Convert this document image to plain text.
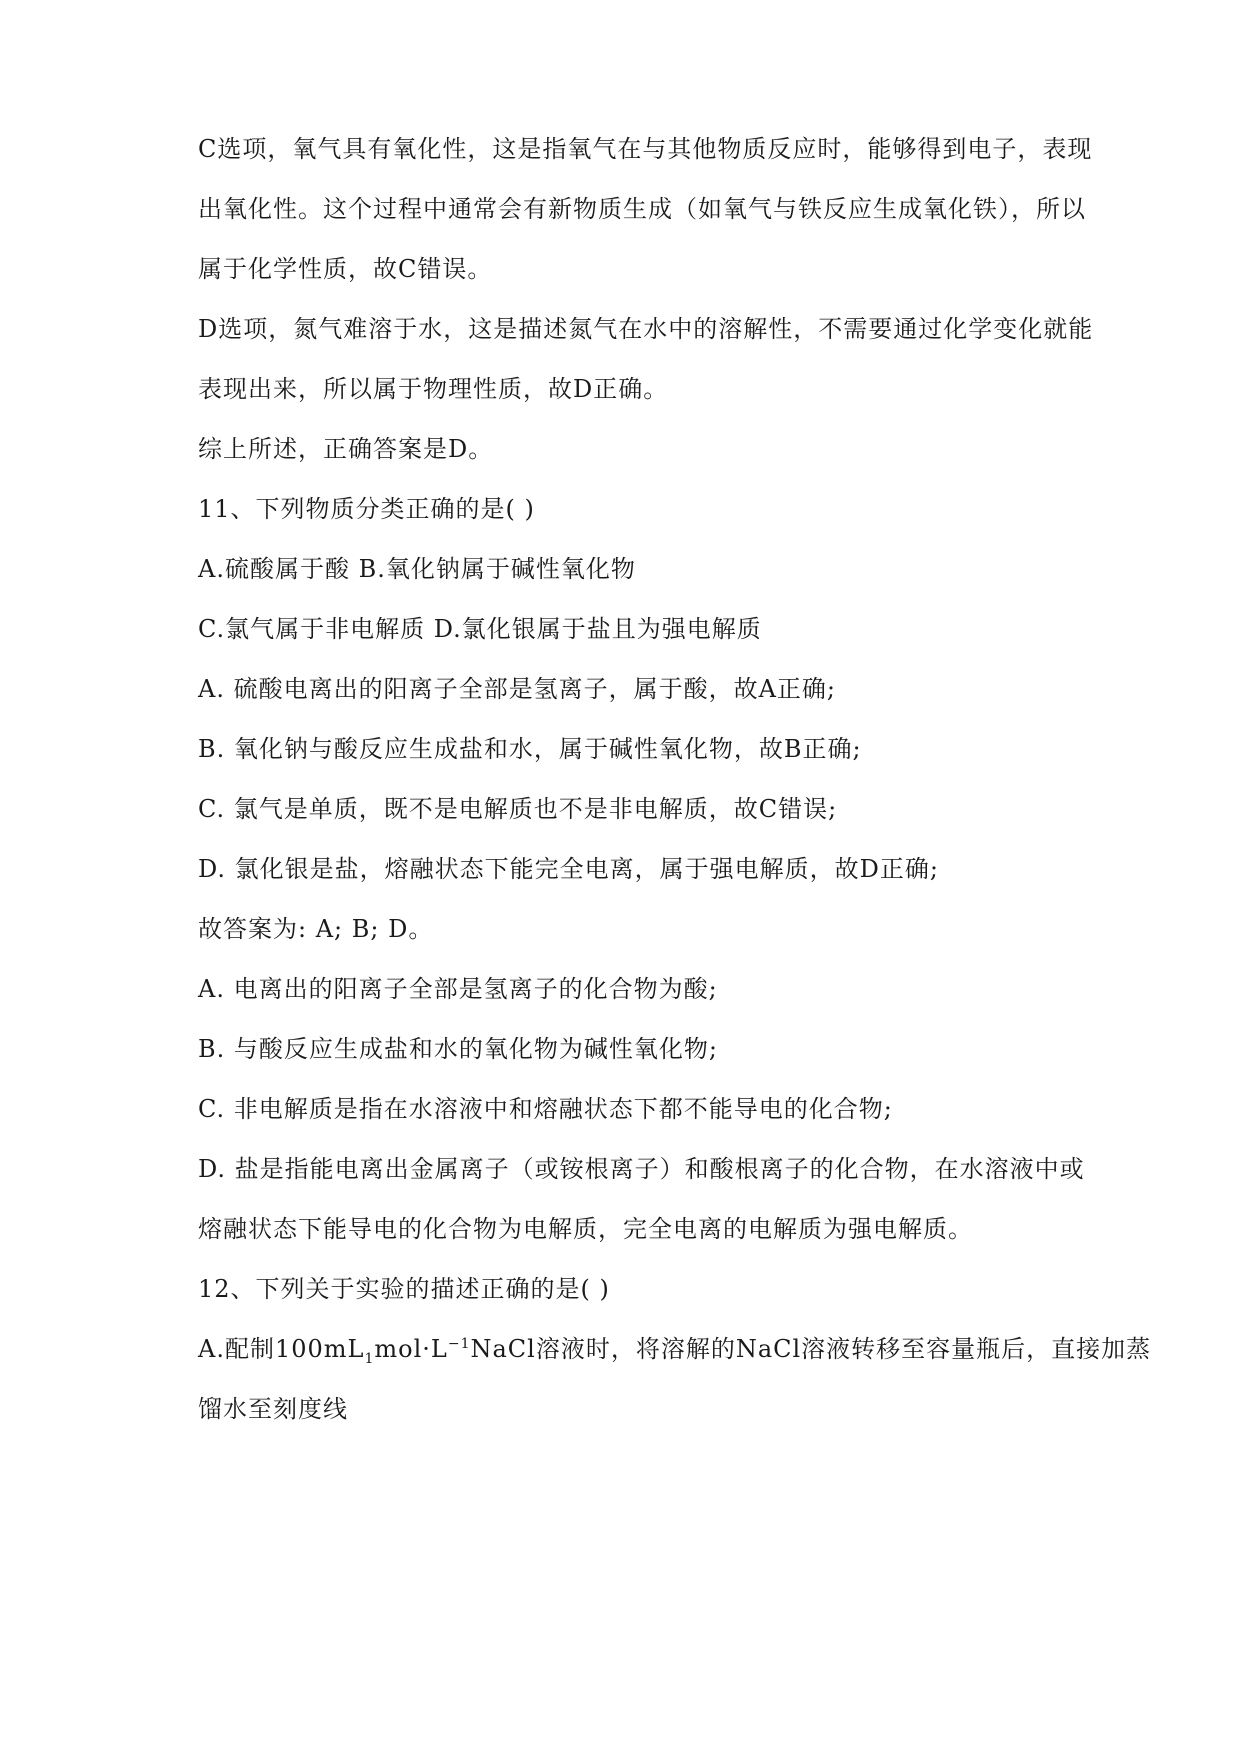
C选项，氧气具有氧化性，这是指氧气在与其他物质反应时，能够得到电子，表现
出氧化性。这个过程中通常会有新物质生成（如氧气与铁反应生成氧化铁），所以
属于化学性质，故C错误。
D选项，氮气难溶于水，这是描述氮气在水中的溶解性，不需要通过化学变化就能
表现出来，所以属于物理性质，故D正确。
综上所述，正确答案是D。
11、下列物质分类正确的是( )
A.硫酸属于酸 B.氧化钠属于碱性氧化物
C.氯气属于非电解质 D.氯化银属于盐且为强电解质
A. 硫酸电离出的阳离子全部是氢离子，属于酸，故A正确;
B. 氧化钠与酸反应生成盐和水，属于碱性氧化物，故B正确;
C. 氯气是单质，既不是电解质也不是非电解质，故C错误;
D. 氯化银是盐，熔融状态下能完全电离，属于强电解质，故D正确;
故答案为: A; B; D。
A. 电离出的阳离子全部是氢离子的化合物为酸;
B. 与酸反应生成盐和水的氧化物为碱性氧化物;
C. 非电解质是指在水溶液中和熔融状态下都不能导电的化合物;
D. 盐是指能电离出金属离子（或铵根离子）和酸根离子的化合物，在水溶液中或
熔融状态下能导电的化合物为电解质，完全电离的电解质为强电解质。
12、下列关于实验的描述正确的是( )
A.配制$100mL_1mol\cdot L^{-1}NaCl$溶液时，将溶解的NaCl溶液转移至容量瓶后，直接加蒸
馏水至刻度线
